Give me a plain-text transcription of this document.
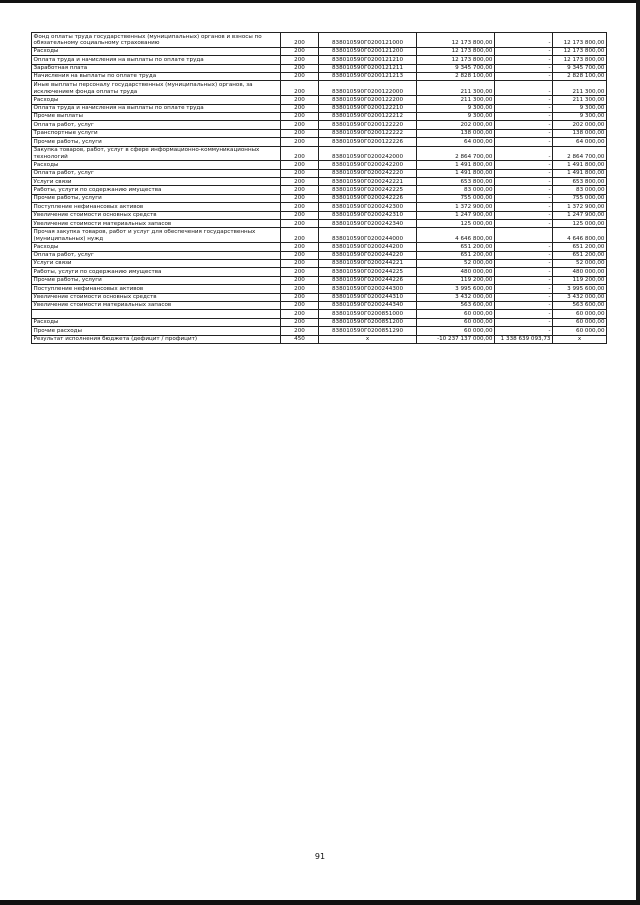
Фонд оплаты труда государственных (муниципальных) органов и взносы по обязательному социальному страхованию	200	838010590Г0200121000	12 173 800,00	-	12 173 800,00
Расходы	200	838010590Г0200121200	12 173 800,00	-	12 173 800,00
Оплата труда и начисления на выплаты по оплате труда	200	838010590Г0200121210	12 173 800,00	-	12 173 800,00
Заработная плата	200	838010590Г0200121211	9 345 700,00	-	9 345 700,00
Начисления на выплаты по оплате труда	200	838010590Г0200121213	2 828 100,00	-	2 828 100,00
Иные выплаты персоналу государственных (муниципальных) органов, за исключением фонда оплаты труда	200	838010590Г0200122000	211 300,00	-	211 300,00
Расходы	200	838010590Г0200122200	211 300,00	-	211 300,00
Оплата труда и начисления на выплаты по оплате труда	200	838010590Г0200122210	9 300,00	-	9 300,00
Прочие выплаты	200	838010590Г0200122212	9 300,00	-	9 300,00
Оплата работ, услуг	200	838010590Г0200122220	202 000,00	-	202 000,00
Транспортные услуги	200	838010590Г0200122222	138 000,00	-	138 000,00
Прочие работы, услуги	200	838010590Г0200122226	64 000,00	-	64 000,00
Закупка товаров, работ, услуг в сфере информационно-коммуникационных технологий	200	838010590Г0200242000	2 864 700,00	-	2 864 700,00
Расходы	200	838010590Г0200242200	1 491 800,00	-	1 491 800,00
Оплата работ, услуг	200	838010590Г0200242220	1 491 800,00	-	1 491 800,00
Услуги связи	200	838010590Г0200242221	653 800,00	-	653 800,00
Работы, услуги по содержанию имущества	200	838010590Г0200242225	83 000,00	-	83 000,00
Прочие работы, услуги	200	838010590Г0200242226	755 000,00	-	755 000,00
Поступление нефинансовых активов	200	838010590Г0200242300	1 372 900,00	-	1 372 900,00
Увеличение стоимости основных средств	200	838010590Г0200242310	1 247 900,00	-	1 247 900,00
Увеличение стоимости материальных запасов	200	838010590Г0200242340	125 000,00	-	125 000,00
Прочая закупка товаров, работ и услуг для обеспечения государственных (муниципальных) нужд	200	838010590Г0200244000	4 646 800,00		4 646 800,00
Расходы	200	838010590Г0200244200	651 200,00	-	651 200,00
Оплата работ, услуг	200	838010590Г0200244220	651 200,00	-	651 200,00
Услуги связи	200	838010590Г0200244221	52 000,00	-	52 000,00
Работы, услуги по содержанию имущества	200	838010590Г0200244225	480 000,00	-	480 000,00
Прочие работы, услуги	200	838010590Г0200244226	119 200,00	-	119 200,00
Поступление нефинансовых активов	200	838010590Г0200244300	3 995 600,00	-	3 995 600,00
Увеличение стоимости основных средств	200	838010590Г0200244310	3 432 000,00	-	3 432 000,00
Увеличение стоимости материальных запасов	200	838010590Г0200244340	563 600,00	-	563 600,00
	200	838010590Г0200851000	60 000,00	-	60 000,00
Расходы	200	838010590Г0200851200	60 000,00	-	60 000,00
Прочие расходы	200	838010590Г0200851290	60 000,00	-	60 000,00
Результат исполнения бюджета (дефицит / профицит)	450	x	-10 237 137 000,00	1 338 639 093,73	x
91
